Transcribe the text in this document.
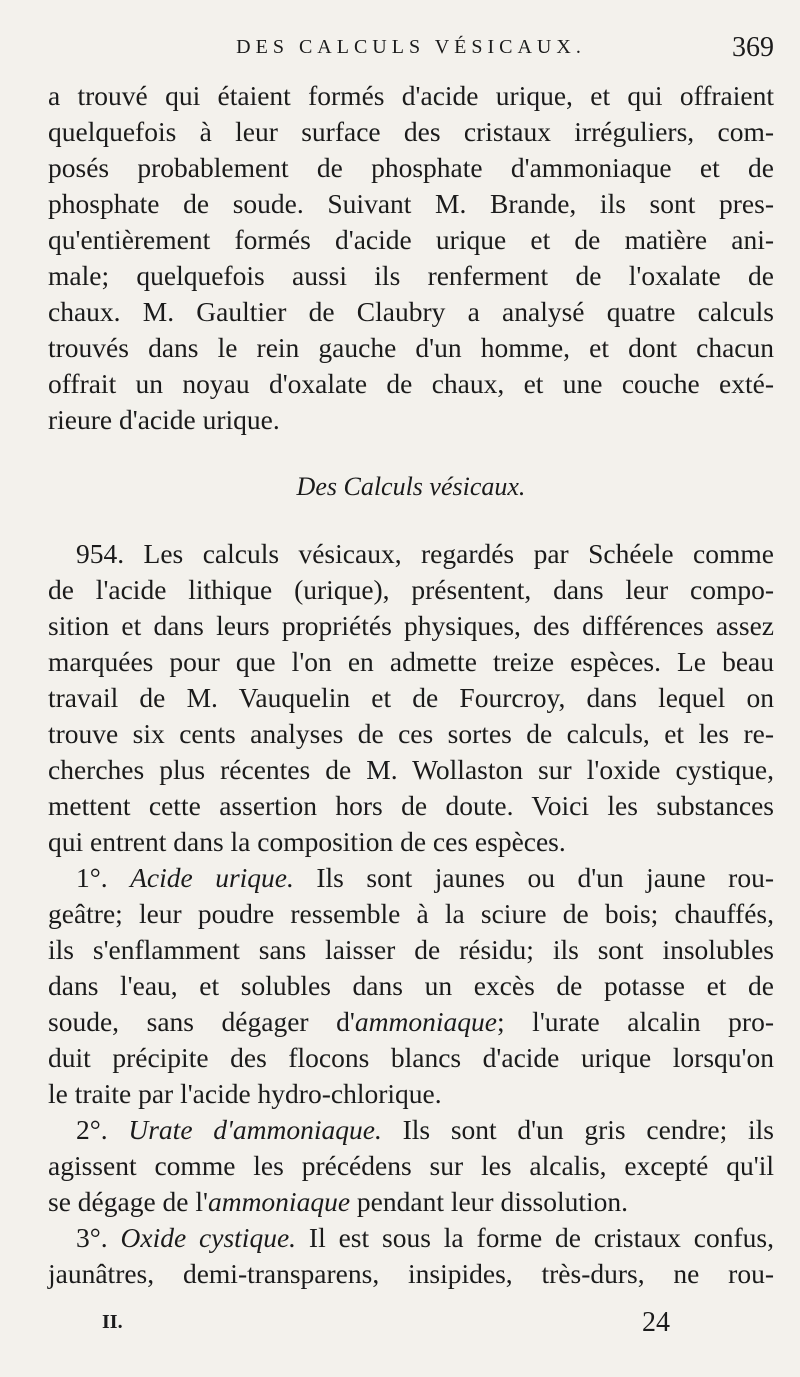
DES CALCULS VÉSICAUX.	369
a trouvé qui étaient formés d'acide urique, et qui offraient
quelquefois à leur surface des cristaux irréguliers, com-
posés probablement de phosphate d'ammoniaque et de
phosphate de soude. Suivant M. Brande, ils sont pres-
qu'entièrement formés d'acide urique et de matière ani-
male; quelquefois aussi ils renferment de l'oxalate de
chaux. M. Gaultier de Claubry a analysé quatre calculs
trouvés dans le rein gauche d'un homme, et dont chacun
offrait un noyau d'oxalate de chaux, et une couche exté-
rieure d'acide urique.
Des Calculs vésicaux.
954. Les calculs vésicaux, regardés par Schéele comme
de l'acide lithique (urique), présentent, dans leur compo-
sition et dans leurs propriétés physiques, des différences assez
marquées pour que l'on en admette treize espèces. Le beau
travail de M. Vauquelin et de Fourcroy, dans lequel on
trouve six cents analyses de ces sortes de calculs, et les re-
cherches plus récentes de M. Wollaston sur l'oxide cystique,
mettent cette assertion hors de doute. Voici les substances
qui entrent dans la composition de ces espèces.
1°. Acide urique. Ils sont jaunes ou d'un jaune rou-
geâtre; leur poudre ressemble à la sciure de bois; chauffés,
ils s'enflamment sans laisser de résidu; ils sont insolubles
dans l'eau, et solubles dans un excès de potasse et de
soude, sans dégager d'ammoniaque; l'urate alcalin pro-
duit précipite des flocons blancs d'acide urique lorsqu'on
le traite par l'acide hydro-chlorique.
2°. Urate d'ammoniaque. Ils sont d'un gris cendre; ils
agissent comme les précédens sur les alcalis, excepté qu'il
se dégage de l'ammoniaque pendant leur dissolution.
3°. Oxide cystique. Il est sous la forme de cristaux confus,
jaunâtres, demi-transparens, insipides, très-durs, ne rou-
II.	24
